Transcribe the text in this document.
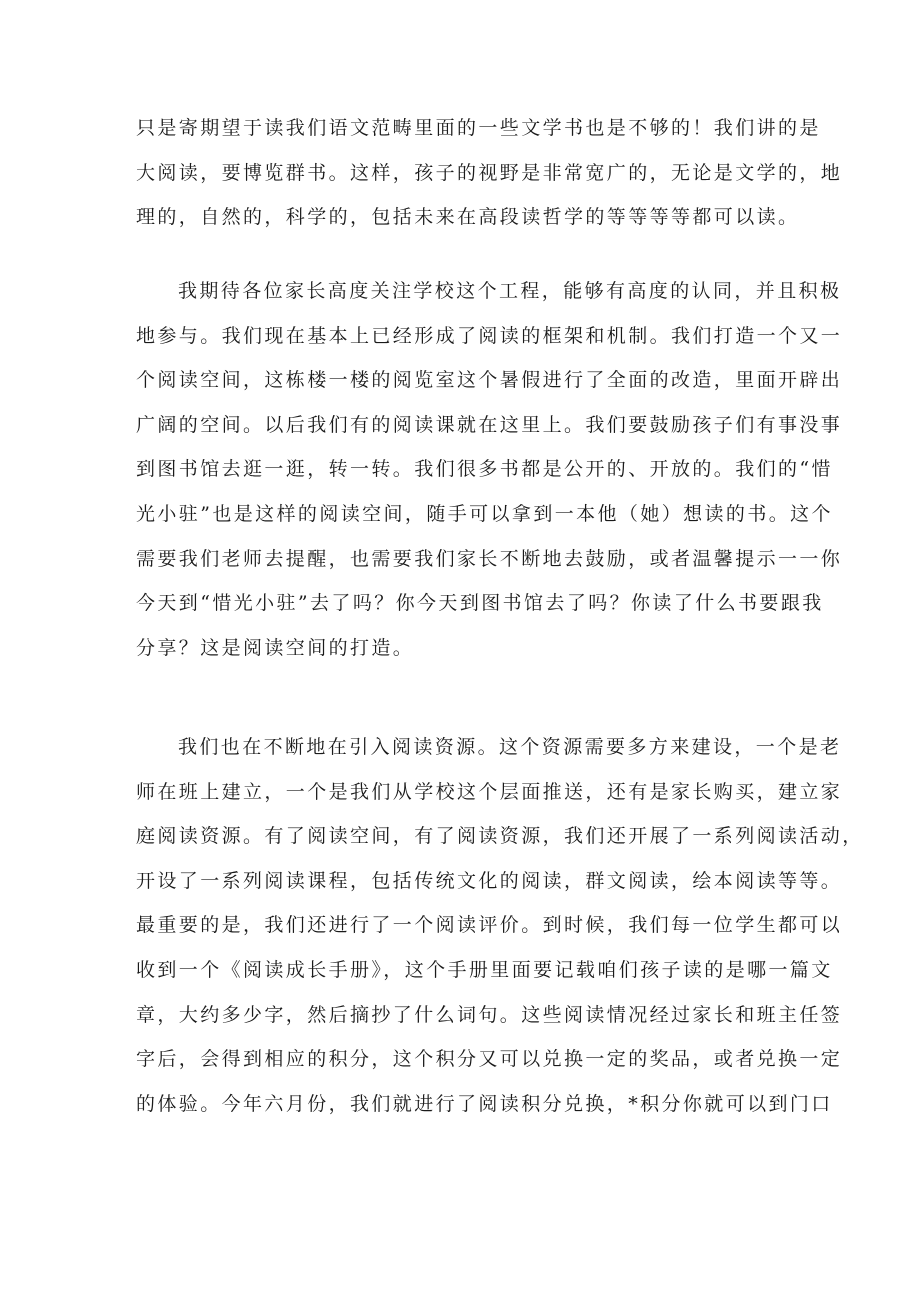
只是寄期望于读我们语文范畴里面的一些文学书也是不够的！我们讲的是
大阅读，要博览群书。这样，孩子的视野是非常宽广的，无论是文学的，地
理的，自然的，科学的，包括未来在高段读哲学的等等等等都可以读。

我期待各位家长高度关注学校这个工程，能够有高度的认同，并且积极
地参与。我们现在基本上已经形成了阅读的框架和机制。我们打造一个又一
个阅读空间，这栋楼一楼的阅览室这个暑假进行了全面的改造，里面开辟出
广阔的空间。以后我们有的阅读课就在这里上。我们要鼓励孩子们有事没事
到图书馆去逛一逛，转一转。我们很多书都是公开的、开放的。我们的“惜
光小驻”也是这样的阅读空间，随手可以拿到一本他（她）想读的书。这个
需要我们老师去提醒，也需要我们家长不断地去鼓励，或者温馨提示一一你
今天到“惜光小驻”去了吗？你今天到图书馆去了吗？你读了什么书要跟我
分享？这是阅读空间的打造。

我们也在不断地在引入阅读资源。这个资源需要多方来建设，一个是老
师在班上建立，一个是我们从学校这个层面推送，还有是家长购买，建立家
庭阅读资源。有了阅读空间，有了阅读资源，我们还开展了一系列阅读活动，
开设了一系列阅读课程，包括传统文化的阅读，群文阅读，绘本阅读等等。
最重要的是，我们还进行了一个阅读评价。到时候，我们每一位学生都可以
收到一个《阅读成长手册》，这个手册里面要记载咱们孩子读的是哪一篇文
章，大约多少字，然后摘抄了什么词句。这些阅读情况经过家长和班主任签
字后，会得到相应的积分，这个积分又可以兑换一定的奖品，或者兑换一定
的体验。今年六月份，我们就进行了阅读积分兑换，*积分你就可以到门口
